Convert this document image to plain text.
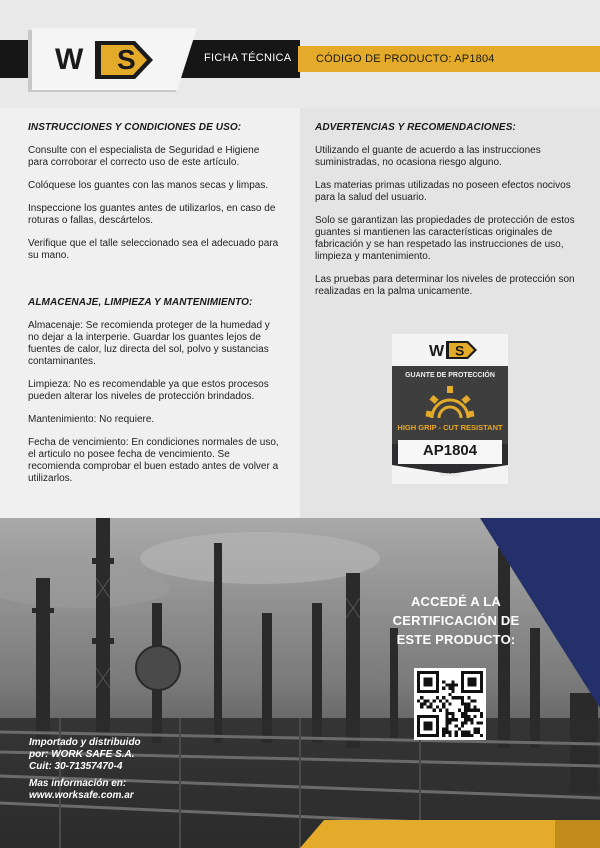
W S	FICHA TÉCNICA CÓDIGO DE PRODUCTO: AP1804
INSTRUCCIONES Y CONDICIONES DE USO:

Consulte con el especialista de Seguridad e Higiene para corroborar el correcto uso de este artículo.

Colóquese los guantes con las manos secas y limpas.

Inspeccione los guantes antes de utilizarlos, en caso de roturas o fallas, descártelos.

Verifique que el talle seleccionado sea el adecuado para su mano.

ALMACENAJE, LIMPIEZA Y MANTENIMIENTO:

Almacenaje: Se recomienda proteger de la humedad y no dejar a la interperie. Guardar los guantes lejos de fuentes de calor, luz directa del sol, polvo y sustancias contaminantes.

Limpieza: No es recomendable ya que estos procesos pueden alterar los niveles de protección brindados.

Mantenimiento: No requiere.

Fecha de vencimiento: En condiciones normales de uso, el articulo no posee fecha de vencimiento. Se recomienda comprobar el buen estado antes de volver a utilizarlos.

ADVERTENCIAS Y RECOMENDACIONES:

Utilizando el guante de acuerdo a las instrucciones suministradas, no ocasiona riesgo alguno.

Las materias primas utilizadas no poseen efectos nocivos para la salud del usuario.

Solo se garantizan las propiedades de protección de estos guantes si mantienen las características originales de fabricación y se han respetado las instrucciones de uso, limpieza y mantenimiento.

Las pruebas para determinar los niveles de protección son realizadas en la palma unicamente.

W S
GUANTE DE PROTECCIÓN
HIGH GRIP - CUT RESISTANT
AP1804
MODELO
ACCEDÉ A LA
CERTIFICACIÓN DE
ESTE PRODUCTO:
Importado y distribuido
por: WORK SAFE S.A.
Cuit: 30-71357470-4
Mas información en:
www.worksafe.com.ar
